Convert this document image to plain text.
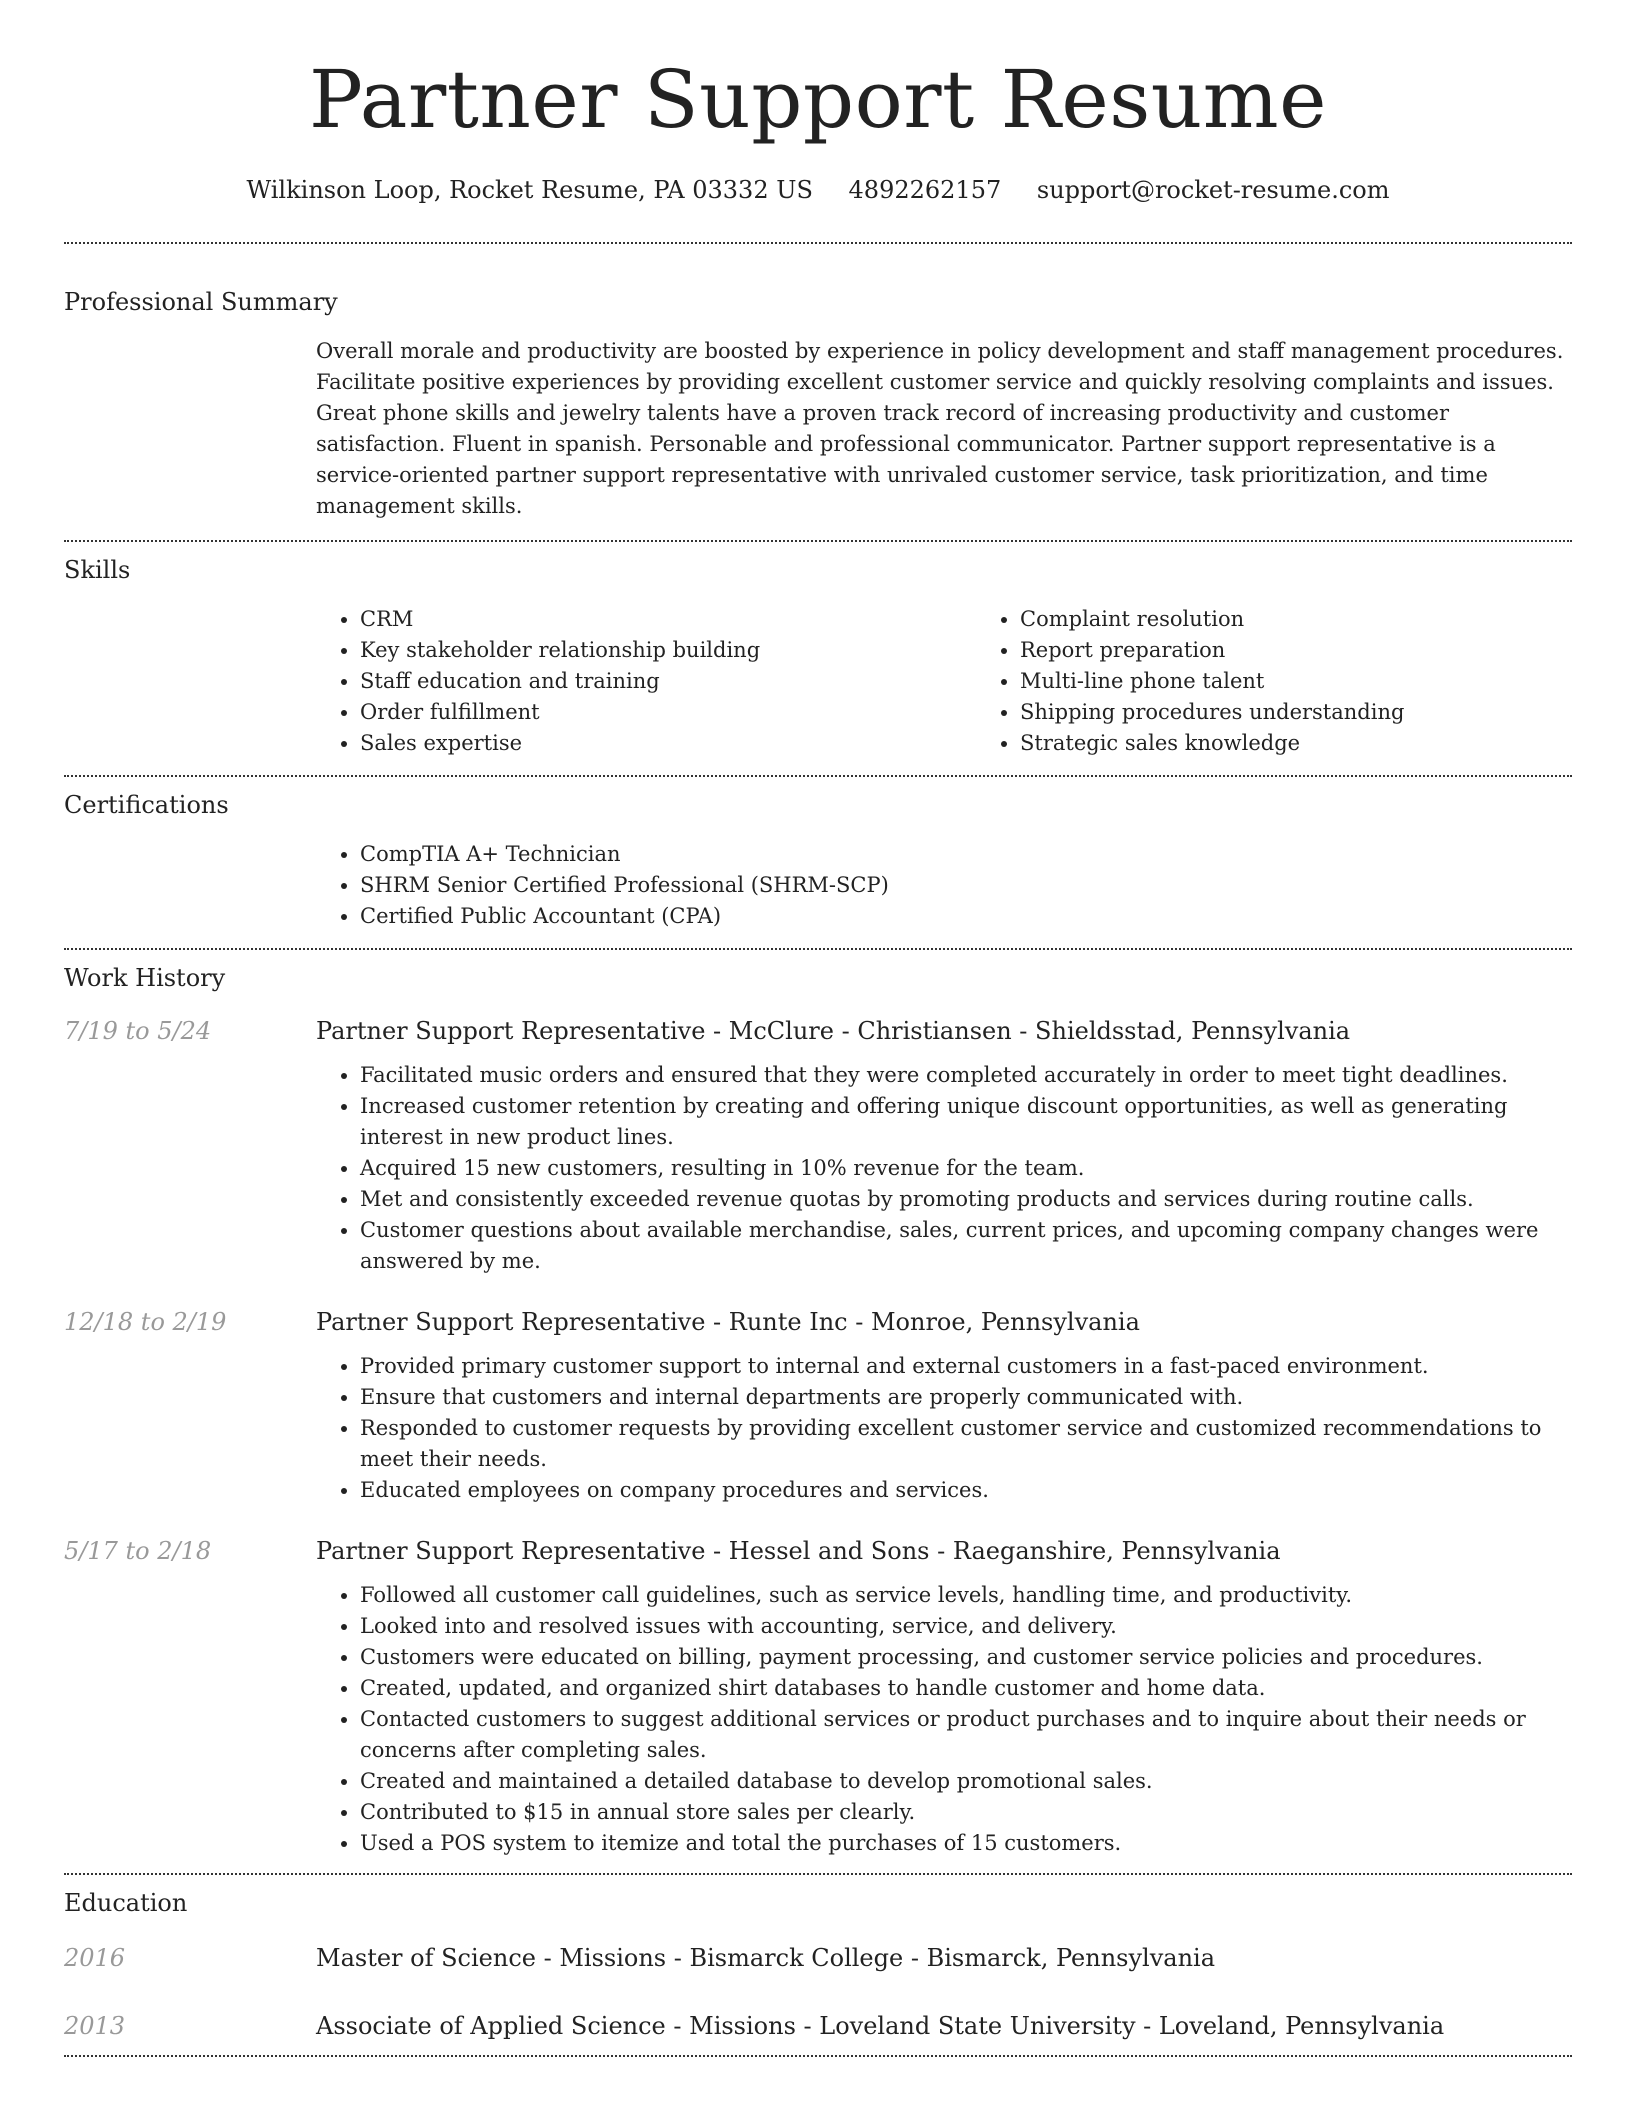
Partner Support Resume
Wilkinson Loop, Rocket Resume, PA 03332 US 4892262157 support@rocket-resume.com
Professional Summary

Overall morale and productivity are boosted by experience in policy development and staff management procedures. Facilitate positive experiences by providing excellent customer service and quickly resolving complaints and issues. Great phone skills and jewelry talents have a proven track record of increasing productivity and customer satisfaction. Fluent in spanish. Personable and professional communicator. Partner support representative is a service-oriented partner support representative with unrivaled customer service, task prioritization, and time management skills.

Skills
• CRM
• Key stakeholder relationship building
• Staff education and training
• Order fulfillment
• Sales expertise
• Complaint resolution
• Report preparation
• Multi-line phone talent
• Shipping procedures understanding
• Strategic sales knowledge
Certifications
• CompTIA A+ Technician
• SHRM Senior Certified Professional (SHRM-SCP)
• Certified Public Accountant (CPA)
Work History
7/19 to 5/24	Partner Support Representative - McClure - Christiansen - Shieldsstad, Pennsylvania
• Facilitated music orders and ensured that they were completed accurately in order to meet tight deadlines.
• Increased customer retention by creating and offering unique discount opportunities, as well as generating interest in new product lines.
• Acquired 15 new customers, resulting in 10% revenue for the team.
• Met and consistently exceeded revenue quotas by promoting products and services during routine calls.
• Customer questions about available merchandise, sales, current prices, and upcoming company changes were answered by me.
12/18 to 2/19	Partner Support Representative - Runte Inc - Monroe, Pennsylvania
• Provided primary customer support to internal and external customers in a fast-paced environment.
• Ensure that customers and internal departments are properly communicated with.
• Responded to customer requests by providing excellent customer service and customized recommendations to meet their needs.
• Educated employees on company procedures and services.
5/17 to 2/18	Partner Support Representative - Hessel and Sons - Raeganshire, Pennsylvania
• Followed all customer call guidelines, such as service levels, handling time, and productivity.
• Looked into and resolved issues with accounting, service, and delivery.
• Customers were educated on billing, payment processing, and customer service policies and procedures.
• Created, updated, and organized shirt databases to handle customer and home data.
• Contacted customers to suggest additional services or product purchases and to inquire about their needs or concerns after completing sales.
• Created and maintained a detailed database to develop promotional sales.
• Contributed to $15 in annual store sales per clearly.
• Used a POS system to itemize and total the purchases of 15 customers.
Education
2016	Master of Science - Missions - Bismarck College - Bismarck, Pennsylvania
2013	Associate of Applied Science - Missions - Loveland State University - Loveland, Pennsylvania
